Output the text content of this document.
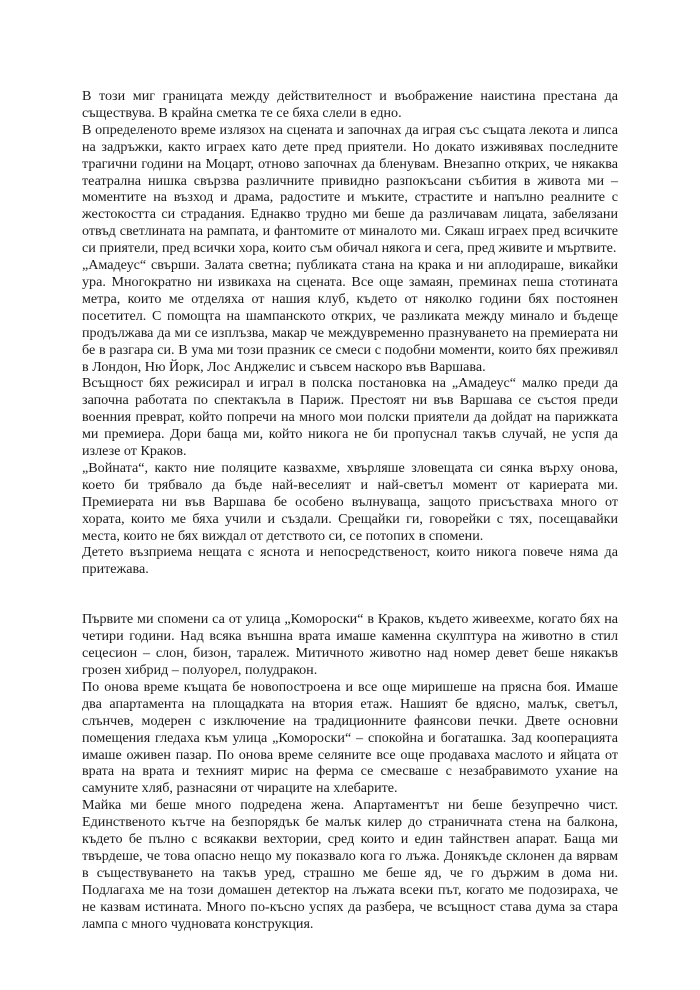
В този миг границата между действителност и въображение наистина престана да съществува. В крайна сметка те се бяха слели в едно.

В определеното време излязох на сцената и започнах да играя със същата лекота и липса на задръжки, както играех като дете пред приятели. Но докато изживявах последните трагични години на Моцарт, отново започнах да бленувам. Внезапно открих, че някаква театрална нишка свързва различните привидно разпокъсани събития в живота ми – моментите на възход и драма, радостите и мъките, страстите и напълно реалните с жестокостта си страдания. Еднакво трудно ми беше да различавам лицата, забелязани отвъд светлината на рампата, и фантомите от миналото ми. Сякаш играех пред всичките си приятели, пред всички хора, които съм обичал някога и сега, пред живите и мъртвите.

„Амадеус“ свърши. Залата светна; публиката стана на крака и ни аплодираше, викайки ура. Многократно ни извикаха на сцената. Все още замаян, преминах пеша стотината метра, които ме отделяха от нашия клуб, където от няколко години бях постоянен посетител. С помощта на шампанското открих, че разликата между минало и бъдеще продължава да ми се изплъзва, макар че междувременно празнуването на премиерата ни бе в разгара си. В ума ми този празник се смеси с подобни моменти, които бях преживял в Лондон, Ню Йорк, Лос Анджелис и съвсем наскоро във Варшава.

Всъщност бях режисирал и играл в полска постановка на „Амадеус“ малко преди да започна работата по спектакъла в Париж. Престоят ни във Варшава се състоя преди военния преврат, който попречи на много мои полски приятели да дойдат на парижката ми премиера. Дори баща ми, който никога не би пропуснал такъв случай, не успя да излезе от Краков.

„Войната“, както ние поляците казвахме, хвърляше зловещата си сянка върху онова, което би трябвало да бъде най-веселият и най-светъл момент от кариерата ми. Премиерата ни във Варшава бе особено вълнуваща, защото присъстваха много от хората, които ме бяха учили и създали. Срещайки ги, говорейки с тях, посещавайки места, които не бях виждал от детството си, се потопих в спомени.

Детето възприема нещата с яснота и непосредственост, които никога повече няма да притежава.

Първите ми спомени са от улица „Комороски“ в Краков, където живеехме, когато бях на четири години. Над всяка външна врата имаше каменна скулптура на животно в стил сецесион – слон, бизон, таралеж. Митичното животно над номер девет беше някакъв грозен хибрид – полуорел, полудракон.

По онова време къщата бе новопостроена и все още миришеше на прясна боя. Имаше два апартамента на площадката на втория етаж. Нашият бе вдясно, малък, светъл, слънчев, модерен с изключение на традиционните фаянсови печки. Двете основни помещения гледаха към улица „Комороски“ – спокойна и богаташка. Зад кооперацията имаше оживен пазар. По онова време селяните все още продаваха маслото и яйцата от врата на врата и техният мирис на ферма се смесваше с незабравимото ухание на самуните хляб, разнасяни от чираците на хлебарите.

Майка ми беше много подредена жена. Апартаментът ни беше безупречно чист. Единственото кътче на безпорядък бе малък килер до страничната стена на балкона, където бе пълно с всякакви вехтории, сред които и един тайнствен апарат. Баща ми твърдеше, че това опасно нещо му показвало кога го лъжа. Донякъде склонен да вярвам в съществуването на такъв уред, страшно ме беше яд, че го държим в дома ни. Подлагаха ме на този домашен детектор на лъжата всеки път, когато ме подозираха, че не казвам истината. Много по-късно успях да разбера, че всъщност става дума за стара лампа с много чудновата конструкция.
